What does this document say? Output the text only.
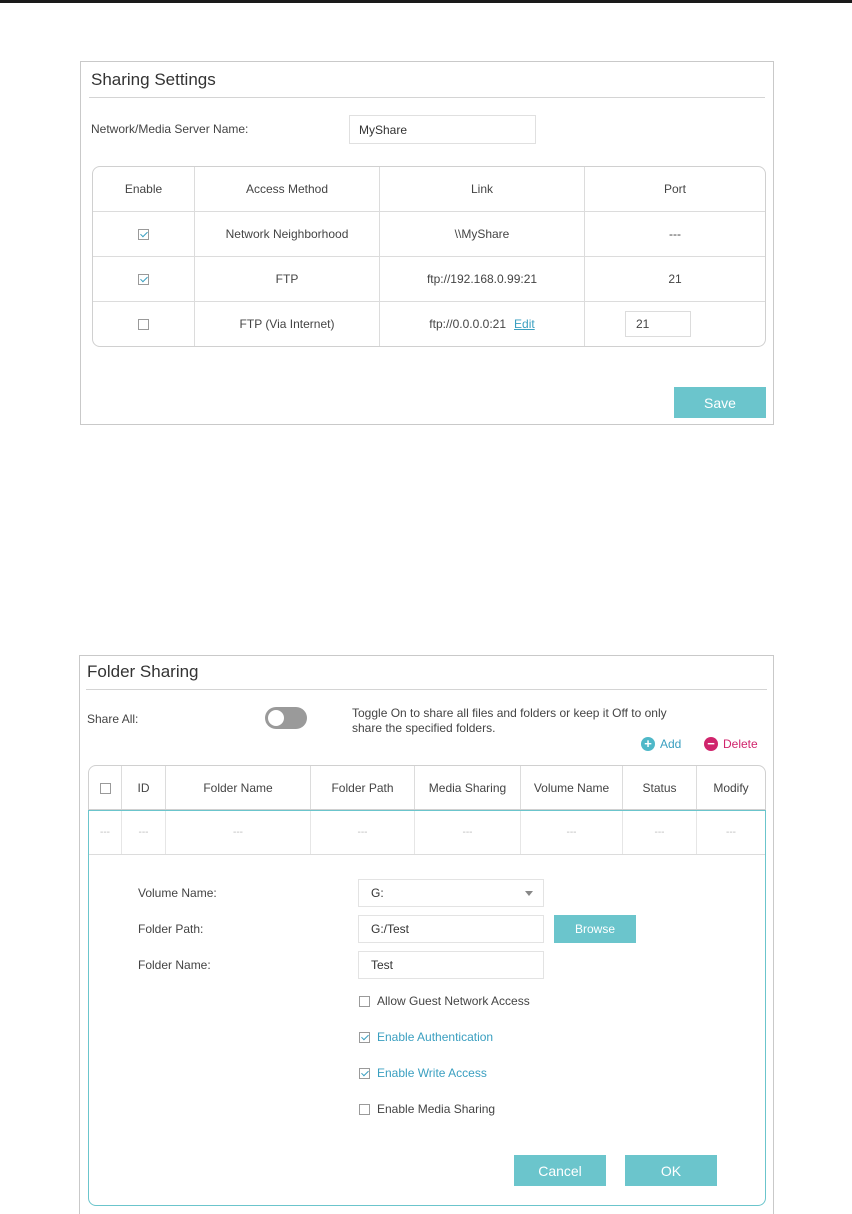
Sharing Settings
Network/Media Server Name:	MyShare
Enable	Access Method	Link	Port
	Network Neighborhood	\\MyShare	---
	FTP	ftp://192.168.0.99:21	21
	FTP (Via Internet)	ftp://0.0.0.0:21 Edit	21
Save
Folder Sharing
Share All:	Toggle On to share all files and folders or keep it Off to only
share the specified folders.
+ Add − Delete
	ID	Folder Name	Folder Path	Media Sharing	Volume Name	Status	Modify
---	---	---	---	---	---	---	---
Volume Name:	G:
Folder Path:	G:/Test	Browse
Folder Name:	Test
Allow Guest Network Access
Enable Authentication
Enable Write Access
Enable Media Sharing
Cancel	OK
